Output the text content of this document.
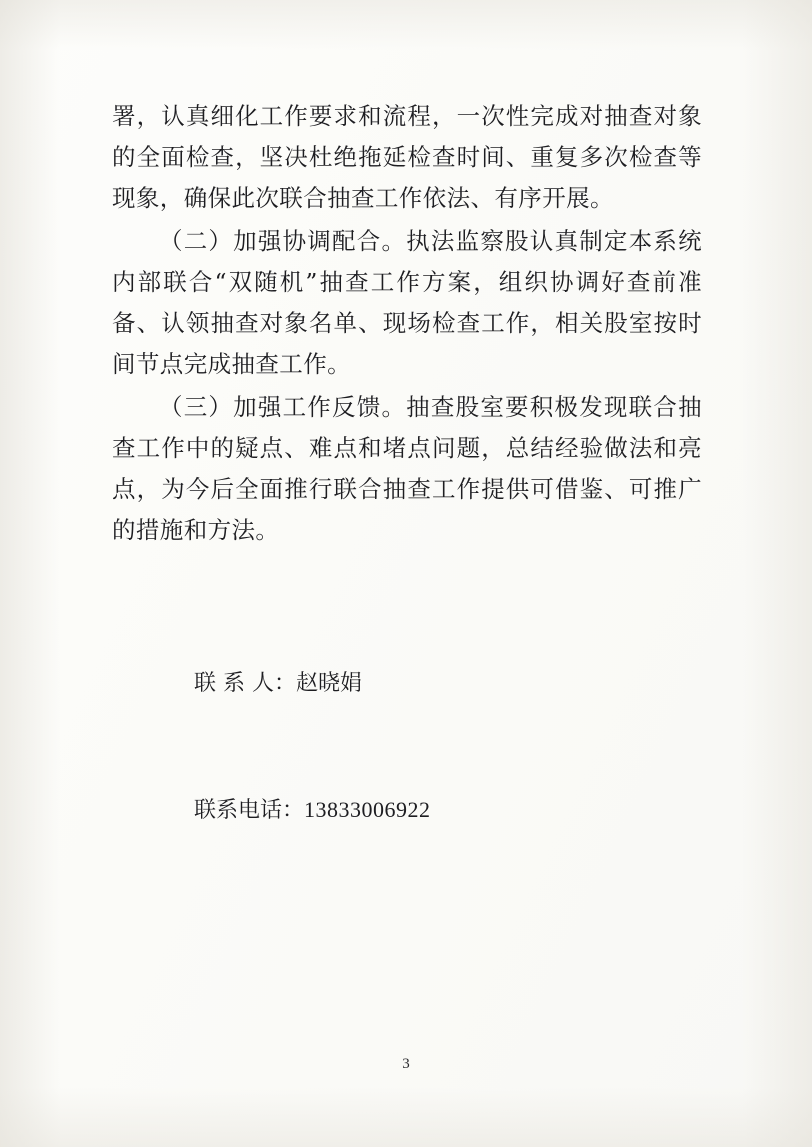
署，认真细化工作要求和流程，一次性完成对抽查对象的全面检查，坚决杜绝拖延检查时间、重复多次检查等现象，确保此次联合抽查工作依法、有序开展。

（二）加强协调配合。执法监察股认真制定本系统内部联合“双随机”抽查工作方案，组织协调好查前准备、认领抽查对象名单、现场检查工作，相关股室按时间节点完成抽查工作。

（三）加强工作反馈。抽查股室要积极发现联合抽查工作中的疑点、难点和堵点问题，总结经验做法和亮点，为今后全面推行联合抽查工作提供可借鉴、可推广的措施和方法。

联 系 人：赵晓娟

联系电话：13833006922

3
